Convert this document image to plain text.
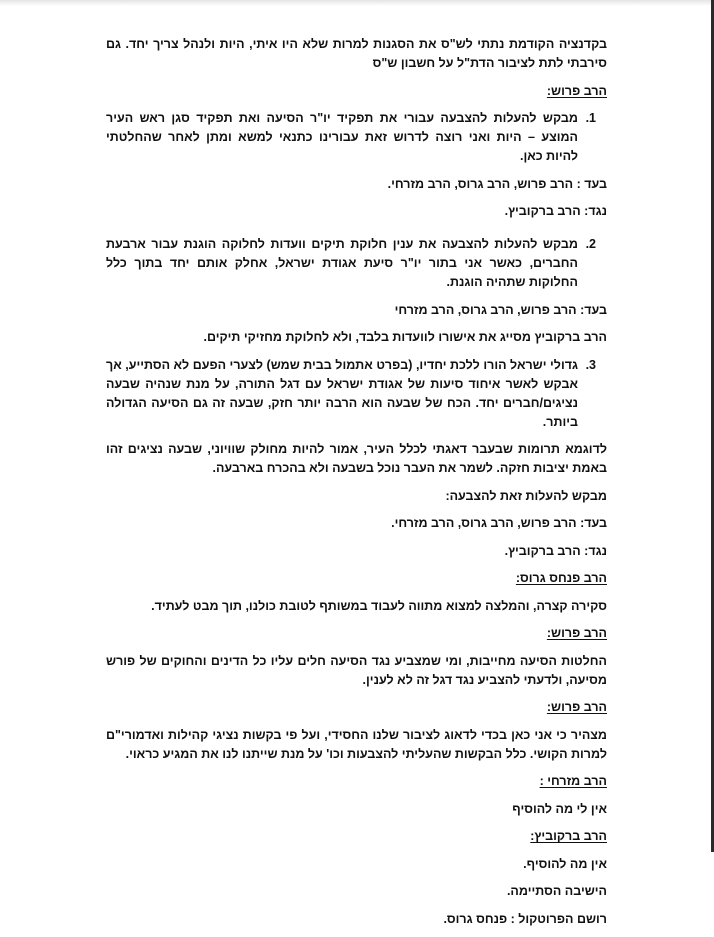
בקדנציה הקודמת נתתי לש"ס את הסגנות למרות שלא היו איתי, היות ולנהל צריך יחד. גם סירבתי לתת לציבור הדת"ל על חשבון ש"ס

הרב פרוש:

1.
מבקש להעלות להצבעה עבורי את תפקיד יו"ר הסיעה ואת תפקיד סגן ראש העיר המוצע – היות ואני רוצה לדרוש זאת עבורינו כתנאי למשא ומתן לאחר שהחלטתי להיות כאן.

בעד : הרב פרוש, הרב גרוס, הרב מזרחי.

נגד: הרב ברקוביץ.

2.
מבקש להעלות להצבעה את ענין חלוקת תיקים וועדות לחלוקה הוגנת עבור ארבעת החברים, כאשר אני בתור יו"ר סיעת אגודת ישראל, אחלק אותם יחד בתוך כלל החלוקות שתהיה הוגנת.

בעד: הרב פרוש, הרב גרוס, הרב מזרחי

הרב ברקוביץ מסייג את אישורו לוועדות בלבד, ולא לחלוקת מחזיקי תיקים.

3.
גדולי ישראל הורו ללכת יחדיו, (בפרט אתמול בבית שמש) לצערי הפעם לא הסתייע, אך אבקש לאשר איחוד סיעות של אגודת ישראל עם דגל התורה, על מנת שנהיה שבעה נציגים/חברים יחד. הכח של שבעה הוא הרבה יותר חזק, שבעה זה גם הסיעה הגדולה ביותר.

לדוגמא תרומות שבעבר דאגתי לכלל העיר, אמור להיות מחולק שוויוני, שבעה נציגים זהו באמת יציבות חזקה. לשמר את העבר נוכל בשבעה ולא בהכרח בארבעה.

מבקש להעלות זאת להצבעה:

בעד: הרב פרוש, הרב גרוס, הרב מזרחי.

נגד: הרב ברקוביץ.

הרב פנחס גרוס:

סקירה קצרה, והמלצה למצוא מתווה לעבוד במשותף לטובת כולנו, תוך מבט לעתיד.

הרב פרוש:

החלטות הסיעה מחייבות, ומי שמצביע נגד הסיעה חלים עליו כל הדינים והחוקים של פורש מסיעה, ולדעתי להצביע נגד דגל זה לא לענין.

הרב פרוש:

מצהיר כי אני כאן בכדי לדאוג לציבור שלנו החסידי, ועל פי בקשות נציגי קהילות ואדמורי"ם למרות הקושי. כלל הבקשות שהעליתי להצבעות וכו' על מנת שייתנו לנו את המגיע כראוי.

הרב מזרחי :

אין לי מה להוסיף

הרב ברקוביץ:

אין מה להוסיף.

הישיבה הסתיימה.

רושם הפרוטקול : פנחס גרוס.
